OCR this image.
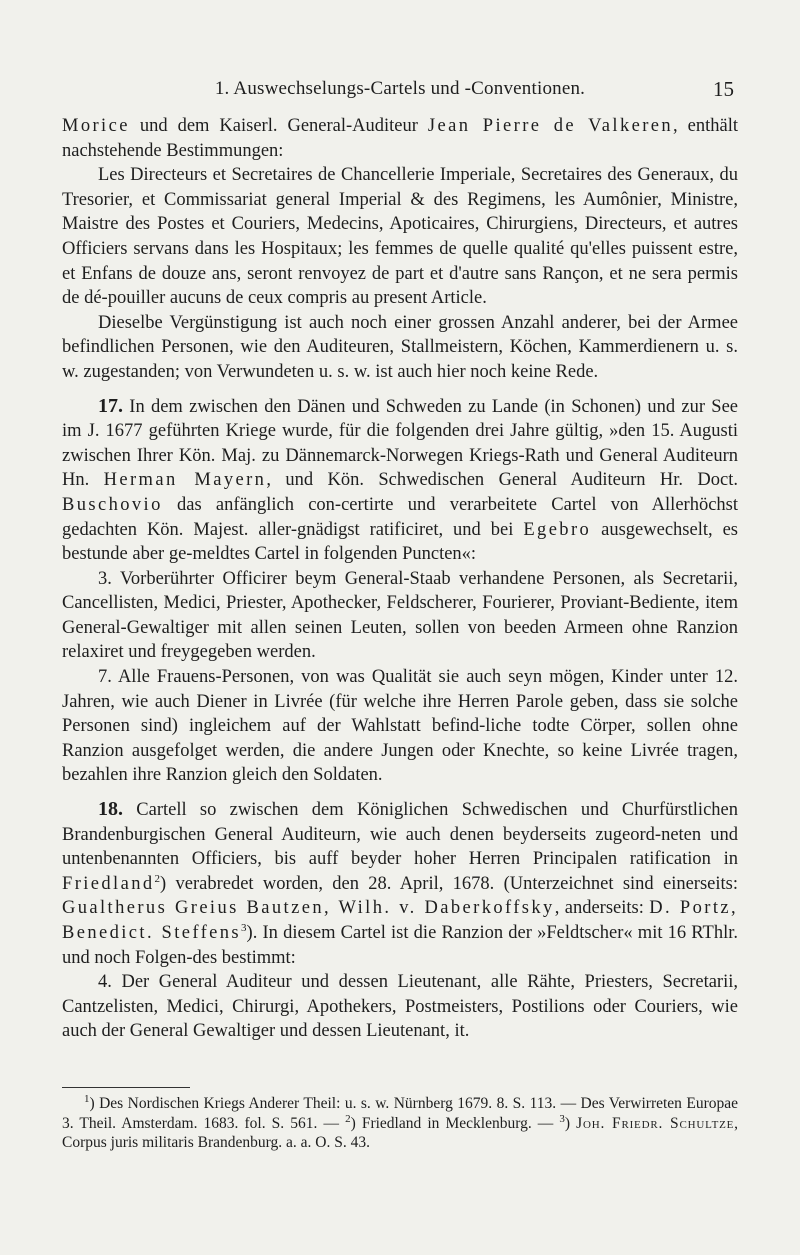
1. Auswechselungs-Cartels und -Conventionen.	15

Morice und dem Kaiserl. General-Auditeur Jean Pierre de Valkeren, enthält nachstehende Bestimmungen:

Les Directeurs et Secretaires de Chancellerie Imperiale, Secretaires des Generaux, du Tresorier, et Commissariat general Imperial & des Regimens, les Aumônier, Ministre, Maistre des Postes et Couriers, Medecins, Apoticaires, Chirurgiens, Directeurs, et autres Officiers servans dans les Hospitaux; les femmes de quelle qualité qu'elles puissent estre, et Enfans de douze ans, seront renvoyez de part et d'autre sans Rançon, et ne sera permis de dé-pouiller aucuns de ceux compris au present Article.

Dieselbe Vergünstigung ist auch noch einer grossen Anzahl anderer, bei der Armee befindlichen Personen, wie den Auditeuren, Stallmeistern, Köchen, Kammerdienern u. s. w. zugestanden; von Verwundeten u. s. w. ist auch hier noch keine Rede.

17. In dem zwischen den Dänen und Schweden zu Lande (in Schonen) und zur See im J. 1677 geführten Kriege wurde, für die folgenden drei Jahre gültig, »den 15. Augusti zwischen Ihrer Kön. Maj. zu Dännemarck-Norwegen Kriegs-Rath und General Auditeurn Hn. Herman Mayern, und Kön. Schwedischen General Auditeurn Hr. Doct. Buschovio das anfänglich con-certirte und verarbeitete Cartel von Allerhöchst gedachten Kön. Majest. aller-gnädigst ratificiret, und bei Egebro ausgewechselt, es bestunde aber ge-meldtes Cartel in folgenden Puncten«:

3. Vorberührter Officirer beym General-Staab verhandene Personen, als Secretarii, Cancellisten, Medici, Priester, Apothecker, Feldscherer, Fourierer, Proviant-Bediente, item General-Gewaltiger mit allen seinen Leuten, sollen von beeden Armeen ohne Ranzion relaxiret und freygegeben werden.

7. Alle Frauens-Personen, von was Qualität sie auch seyn mögen, Kinder unter 12. Jahren, wie auch Diener in Livrée (für welche ihre Herren Parole geben, dass sie solche Personen sind) ingleichem auf der Wahlstatt befind-liche todte Cörper, sollen ohne Ranzion ausgefolget werden, die andere Jungen oder Knechte, so keine Livrée tragen, bezahlen ihre Ranzion gleich den Soldaten.

18. Cartell so zwischen dem Königlichen Schwedischen und Churfürstlichen Brandenburgischen General Auditeurn, wie auch denen beyderseits zugeord-neten und untenbenannten Officiers, bis auff beyder hoher Herren Principalen ratification in Friedland$^2$) verabredet worden, den 28. April, 1678. (Unterzeichnet sind einerseits: Gualtherus Greius Bautzen, Wilh. v. Daberkoffsky, anderseits: D. Portz, Benedict. Steffens$^3$). In diesem Cartel ist die Ranzion der »Feldtscher« mit 16 RThlr. und noch Folgen-des bestimmt:

4. Der General Auditeur und dessen Lieutenant, alle Rähte, Priesters, Secretarii, Cantzelisten, Medici, Chirurgi, Apothekers, Postmeisters, Postilions oder Couriers, wie auch der General Gewaltiger und dessen Lieutenant, it.

$^1$) Des Nordischen Kriegs Anderer Theil: u. s. w. Nürnberg 1679. 8. S. 113. — Des Verwirreten Europae 3. Theil. Amsterdam. 1683. fol. S. 561. — $^2$) Friedland in Mecklenburg. — $^3$) Joh. Friedr. Schultze, Corpus juris militaris Brandenburg. a. a. O. S. 43.
